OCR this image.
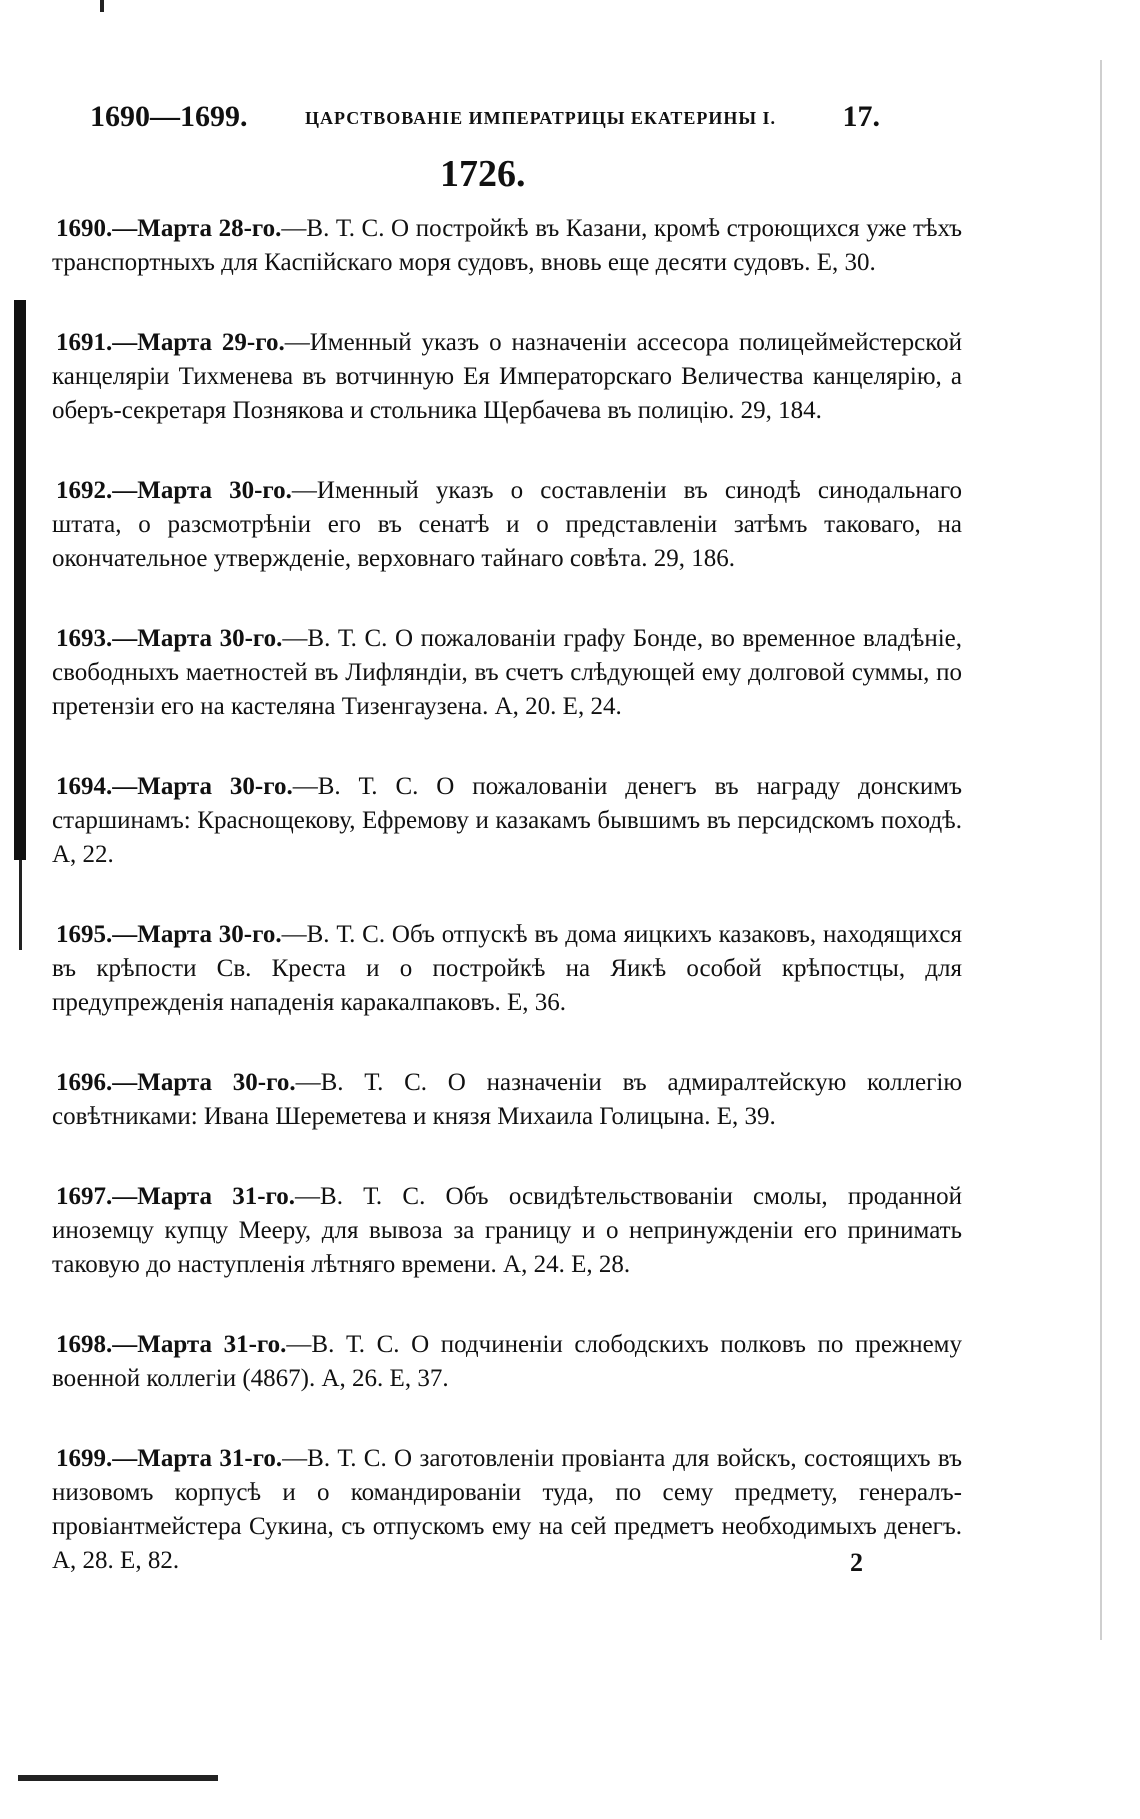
1690—1699.	ЦАРСТВОВАНІЕ ИМПЕРАТРИЦЫ ЕКАТЕРИНЫ I. 17.
1726.
1690.—Марта 28-го.—В. Т. С. О постройкѣ въ Казани, кромѣ строющихся уже тѣхъ транспортныхъ для Каспійскаго моря судовъ, вновь еще десяти судовъ. Е, 30.
1691.—Марта 29-го.—Именный указъ о назначеніи ассесора полицеймейстерской канцеляріи Тихменева въ вотчинную Ея Императорскаго Величества канцелярію, а оберъ-секретаря Познякова и стольника Щербачева въ полицію. 29, 184.
1692.—Марта 30-го.—Именный указъ о составленіи въ синодѣ синодальнаго штата, о разсмотрѣніи его въ сенатѣ и о представленіи затѣмъ таковаго, на окончательное утвержденіе, верховнаго тайнаго совѣта. 29, 186.
1693.—Марта 30-го.—В. Т. С. О пожалованіи графу Бонде, во временное владѣніе, свободныхъ маетностей въ Лифляндіи, въ счетъ слѣдующей ему долговой суммы, по претензіи его на кастеляна Тизенгаузена. А, 20. Е, 24.
1694.—Марта 30-го.—В. Т. С. О пожалованіи денегъ въ награду донскимъ старшинамъ: Краснощекову, Ефремову и казакамъ бывшимъ въ персидскомъ походѣ. А, 22.
1695.—Марта 30-го.—В. Т. С. Объ отпускѣ въ дома яицкихъ казаковъ, находящихся въ крѣпости Св. Креста и о постройкѣ на Яикѣ особой крѣпостцы, для предупрежденія нападенія каракалпаковъ. Е, 36.
1696.—Марта 30-го.—В. Т. С. О назначеніи въ адмиралтейскую коллегію совѣтниками: Ивана Шереметева и князя Михаила Голицына. Е, 39.
1697.—Марта 31-го.—В. Т. С. Объ освидѣтельствованіи смолы, проданной иноземцу купцу Мееру, для вывоза за границу и о непринужденіи его принимать таковую до наступленія лѣтняго времени. А, 24. Е, 28.
1698.—Марта 31-го.—В. Т. С. О подчиненіи слободскихъ полковъ по прежнему военной коллегіи (4867). А, 26. Е, 37.
1699.—Марта 31-го.—В. Т. С. О заготовленіи провіанта для войскъ, состоящихъ въ низовомъ корпусѣ и о командированіи туда, по сему предмету, генералъ-провіантмейстера Сукина, съ отпускомъ ему на сей предметъ необходимыхъ денегъ. А, 28. Е, 82.	2
